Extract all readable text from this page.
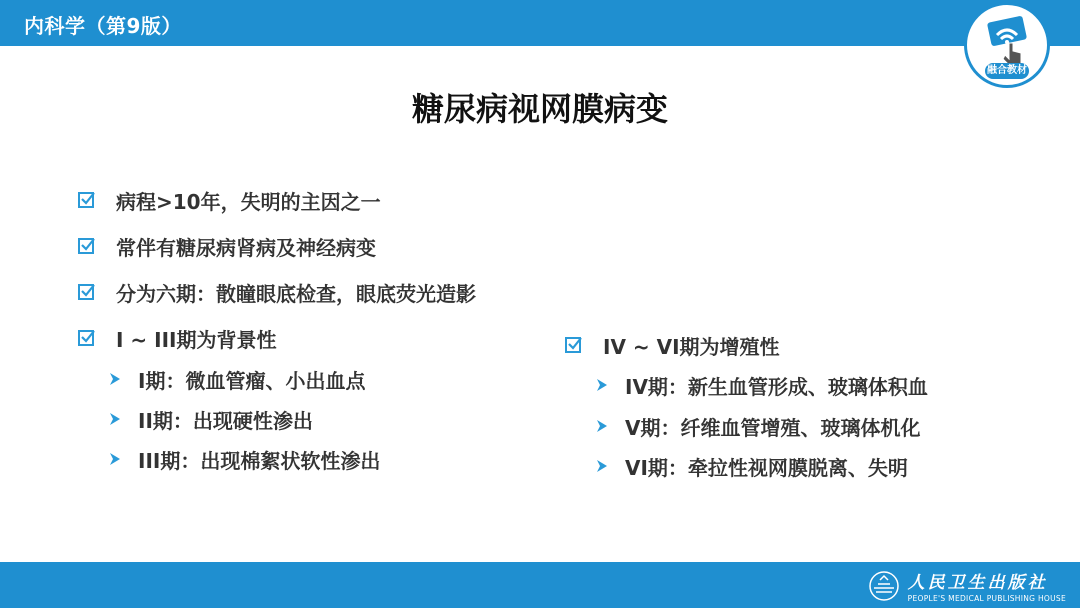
内科学（第9版）
融合教材
糖尿病视网膜病变
病程>10年，失明的主因之一
常伴有糖尿病肾病及神经病变
分为六期：散瞳眼底检查，眼底荧光造影
I ~ III期为背景性
I期：微血管瘤、小出血点
II期：出现硬性渗出
III期：出现棉絮状软性渗出
IV ~ VI期为增殖性
IV期：新生血管形成、玻璃体积血
V期：纤维血管增殖、玻璃体机化
VI期：牵拉性视网膜脱离、失明
人民卫生出版社
PEOPLE'S MEDICAL PUBLISHING HOUSE
